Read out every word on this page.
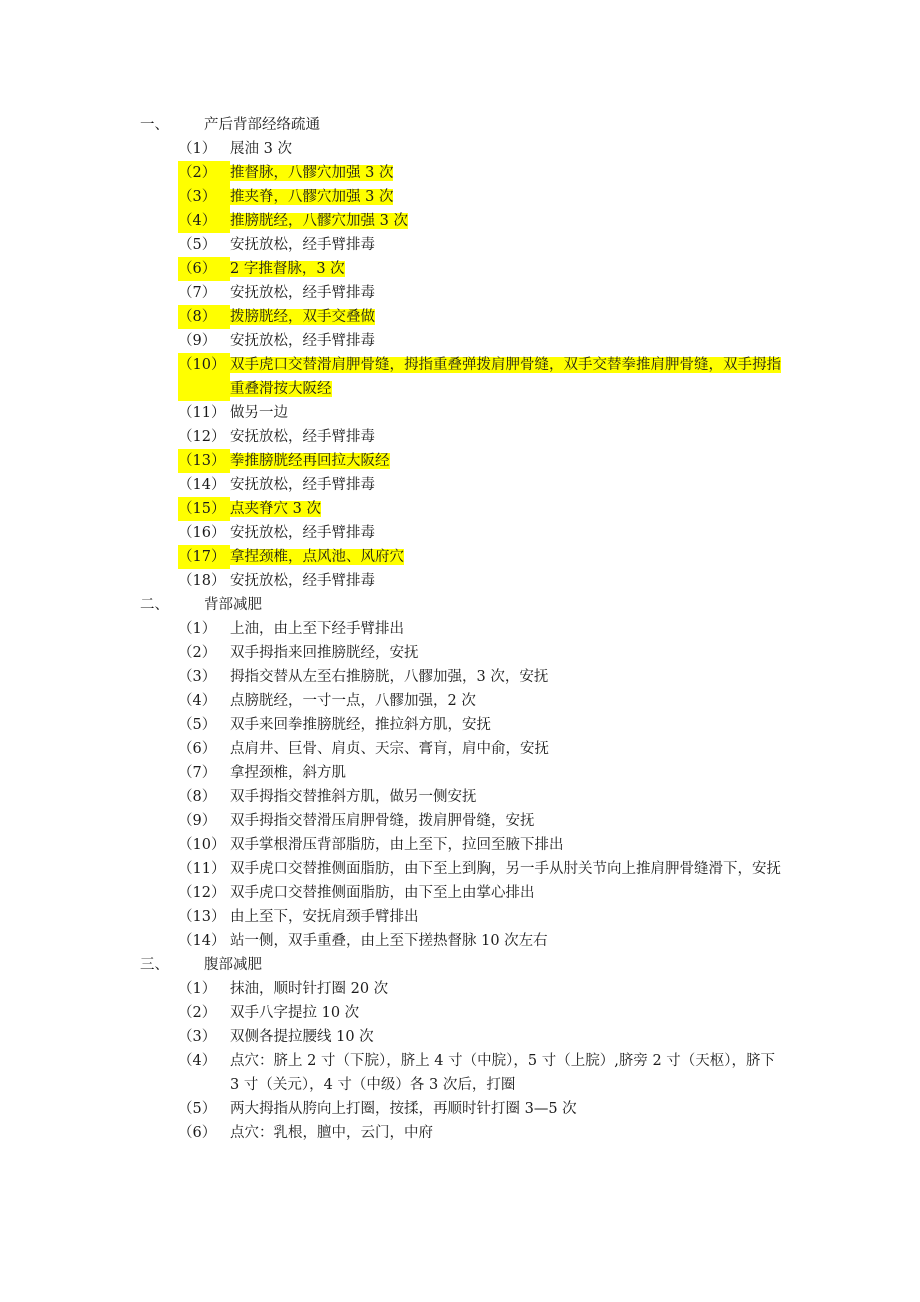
一、	产后背部经络疏通
（1） 展油 3 次
（2） 推督脉，八髎穴加强 3 次
（3） 推夹脊，八髎穴加强 3 次
（4） 推膀胱经，八髎穴加强 3 次
（5） 安抚放松，经手臂排毒
（6） 2 字推督脉，3 次
（7） 安抚放松，经手臂排毒
（8） 拨膀胱经，双手交叠做
（9） 安抚放松，经手臂排毒
（10） 双手虎口交替滑肩胛骨缝，拇指重叠弹拨肩胛骨缝，双手交替拳推肩胛骨缝，双手拇指重叠滑按大阪经
（11） 做另一边
（12） 安抚放松，经手臂排毒
（13） 拳推膀胱经再回拉大阪经
（14） 安抚放松，经手臂排毒
（15） 点夹脊穴 3 次
（16） 安抚放松，经手臂排毒
（17） 拿捏颈椎，点风池、风府穴
（18） 安抚放松，经手臂排毒
二、	背部减肥
（1） 上油，由上至下经手臂排出
（2） 双手拇指来回推膀胱经，安抚
（3） 拇指交替从左至右推膀胱，八髎加强，3 次，安抚
（4） 点膀胱经，一寸一点，八髎加强，2 次
（5） 双手来回拳推膀胱经，推拉斜方肌，安抚
（6） 点肩井、巨骨、肩贞、天宗、膏肓，肩中俞，安抚
（7） 拿捏颈椎，斜方肌
（8） 双手拇指交替推斜方肌，做另一侧安抚
（9） 双手拇指交替滑压肩胛骨缝，拨肩胛骨缝，安抚
（10） 双手掌根滑压背部脂肪，由上至下，拉回至腋下排出
（11） 双手虎口交替推侧面脂肪，由下至上到胸，另一手从肘关节向上推肩胛骨缝滑下，安抚
（12） 双手虎口交替推侧面脂肪，由下至上由掌心排出
（13） 由上至下，安抚肩颈手臂排出
（14） 站一侧，双手重叠，由上至下搓热督脉 10 次左右
三、	腹部减肥
（1） 抹油，顺时针打圈 20 次
（2） 双手八字提拉 10 次
（3） 双侧各提拉腰线 10 次
（4） 点穴：脐上 2 寸（下脘），脐上 4 寸（中脘），5 寸（上脘）,脐旁 2 寸（天枢），脐下 3 寸（关元），4 寸（中级）各 3 次后，打圈
（5） 两大拇指从胯向上打圈，按揉，再顺时针打圈 3—5 次
（6） 点穴：乳根，膻中，云门，中府
